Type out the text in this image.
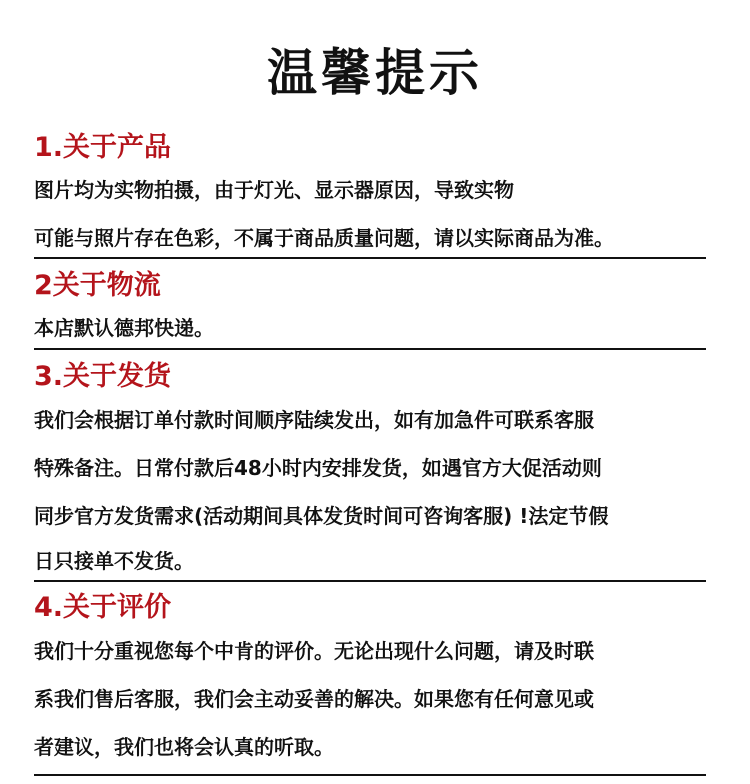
温馨提示
1.关于产品
图片均为实物拍摄，由于灯光、显示器原因，导致实物
可能与照片存在色彩，不属于商品质量问题，请以实际商品为准。
2关于物流
本店默认德邦快递。
3.关于发货
我们会根据订单付款时间顺序陆续发出，如有加急件可联系客服
特殊备注。日常付款后48小时内安排发货，如遇官方大促活动则
同步官方发货需求(活动期间具体发货时间可咨询客服) !法定节假
日只接单不发货。
4.关于评价
我们十分重视您每个中肯的评价。无论出现什么问题，请及时联
系我们售后客服，我们会主动妥善的解决。如果您有任何意见或
者建议，我们也将会认真的听取。
